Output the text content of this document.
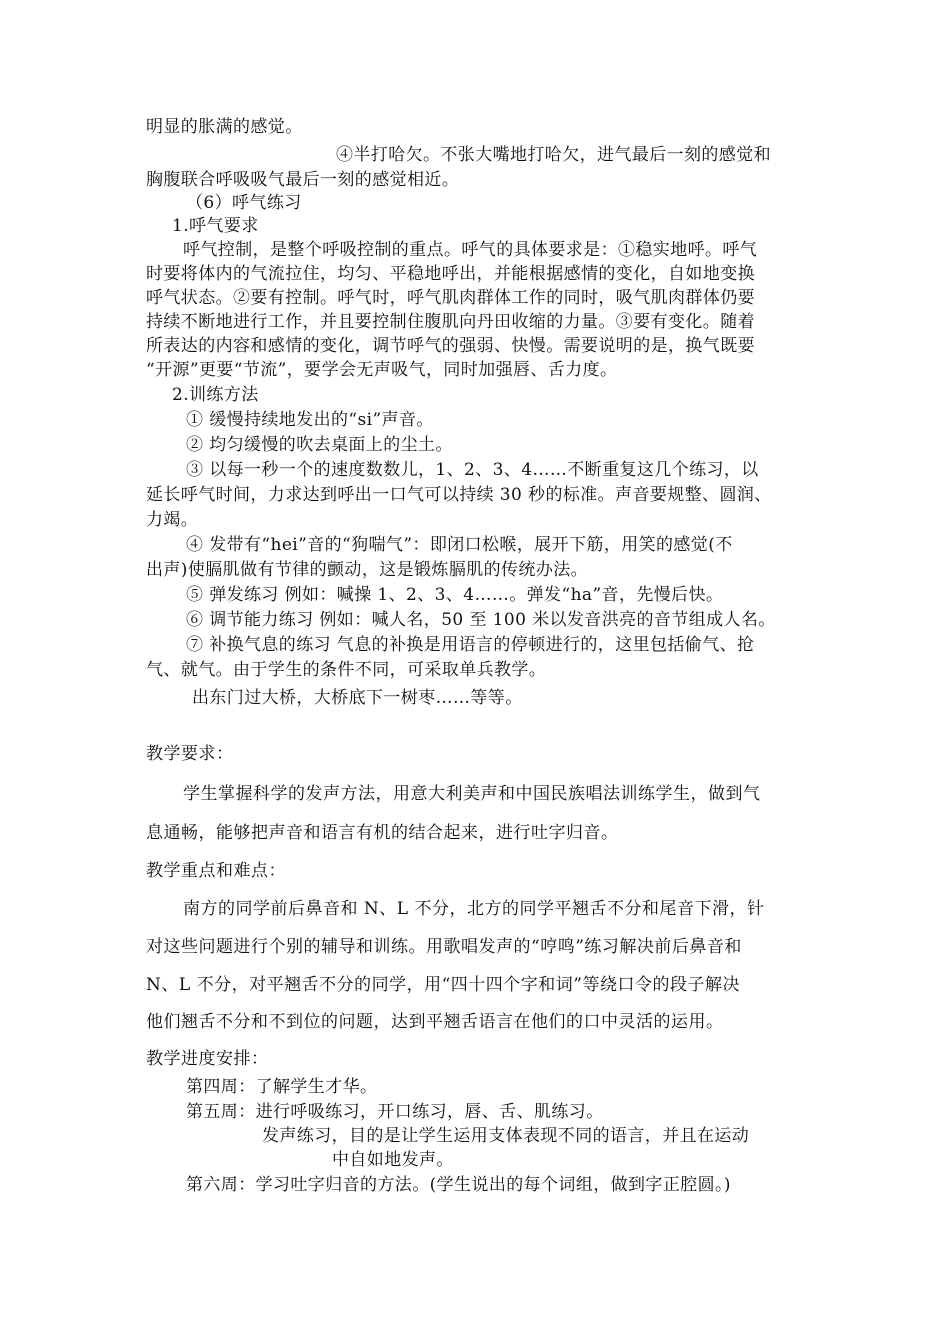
明显的胀满的感觉。

④半打哈欠。不张大嘴地打哈欠，进气最后一刻的感觉和

胸腹联合呼吸吸气最后一刻的感觉相近。

（6）呼气练习

1.呼气要求

呼气控制，是整个呼吸控制的重点。呼气的具体要求是：①稳实地呼。呼气

时要将体内的气流拉住，均匀、平稳地呼出，并能根据感情的变化，自如地变换

呼气状态。②要有控制。呼气时，呼气肌肉群体工作的同时，吸气肌肉群体仍要

持续不断地进行工作，并且要控制住腹肌向丹田收缩的力量。③要有变化。随着

所表达的内容和感情的变化，调节呼气的强弱、快慢。需要说明的是，换气既要

“开源”更要“节流”，要学会无声吸气，同时加强唇、舌力度。

2.训练方法

① 缓慢持续地发出的“si”声音。

② 均匀缓慢的吹去桌面上的尘土。

③ 以每一秒一个的速度数数儿，1、2、3、4……不断重复这几个练习，以

延长呼气时间，力求达到呼出一口气可以持续 30 秒的标准。声音要规整、圆润、

力竭。

④ 发带有“hei”音的“狗喘气”：即闭口松喉，展开下筋，用笑的感觉(不

出声)使膈肌做有节律的颤动，这是锻炼膈肌的传统办法。

⑤ 弹发练习 例如：喊操 1、2、3、4……。弹发“ha”音，先慢后快。

⑥ 调节能力练习 例如：喊人名，50 至 100 米以发音洪亮的音节组成人名。

⑦ 补换气息的练习 气息的补换是用语言的停顿进行的，这里包括偷气、抢

气、就气。由于学生的条件不同，可采取单兵教学。

出东门过大桥，大桥底下一树枣……等等。

教学要求：

学生掌握科学的发声方法，用意大利美声和中国民族唱法训练学生，做到气

息通畅，能够把声音和语言有机的结合起来，进行吐字归音。

教学重点和难点：

南方的同学前后鼻音和 N、L 不分，北方的同学平翘舌不分和尾音下滑，针

对这些问题进行个别的辅导和训练。用歌唱发声的“哼鸣”练习解决前后鼻音和

N、L 不分，对平翘舌不分的同学，用“四十四个字和词”等绕口令的段子解决

他们翘舌不分和不到位的问题，达到平翘舌语言在他们的口中灵活的运用。

教学进度安排：

第四周：了解学生才华。

第五周：进行呼吸练习，开口练习，唇、舌、肌练习。

发声练习，目的是让学生运用支体表现不同的语言，并且在运动

中自如地发声。

第六周：学习吐字归音的方法。(学生说出的每个词组，做到字正腔圆。)
